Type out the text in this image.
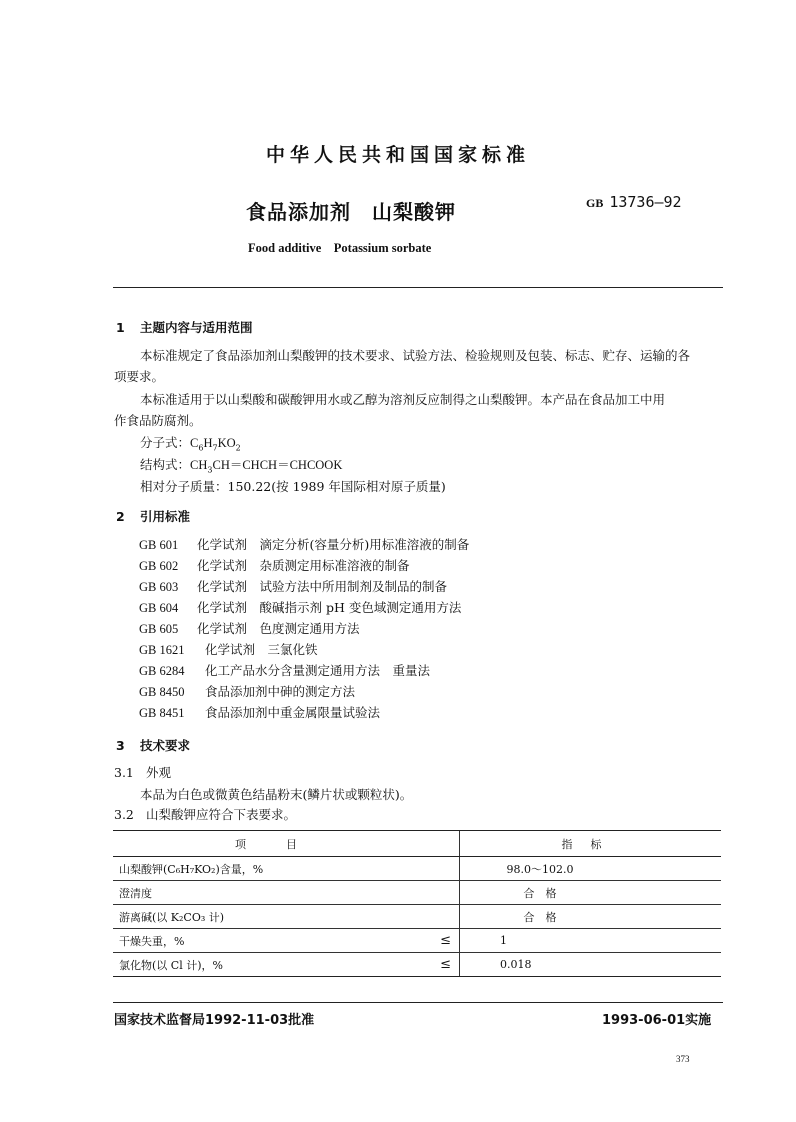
中华人民共和国国家标准
食品添加剂　山梨酸钾	GB 13736—92
Food additive　Potassium sorbate
1 主题内容与适用范围
本标准规定了食品添加剂山梨酸钾的技术要求、试验方法、检验规则及包装、标志、贮存、运输的各
项要求。
本标准适用于以山梨酸和碳酸钾用水或乙醇为溶剂反应制得之山梨酸钾。本产品在食品加工中用
作食品防腐剂。
分子式：$C_6H_7KO_2$
结构式：$CH_3CH=CHCH=CHCOOK$
相对分子质量：150.22(按 1989 年国际相对原子质量)
2 引用标准
GB 601 化学试剂　滴定分析(容量分析)用标准溶液的制备
GB 602 化学试剂　杂质测定用标准溶液的制备
GB 603 化学试剂　试验方法中所用制剂及制品的制备
GB 604 化学试剂　酸碱指示剂 pH 变色域测定通用方法
GB 605 化学试剂　色度测定通用方法
GB 1621 化学试剂　三氯化铁
GB 6284 化工产品水分含量测定通用方法　重量法
GB 8450 食品添加剂中砷的测定方法
GB 8451 食品添加剂中重金属限量试验法
3 技术要求
3.1 外观
本品为白色或微黄色结晶粉末(鳞片状或颗粒状)。
3.2 山梨酸钾应符合下表要求。
项目		指标
山梨酸钾(C₆H₇KO₂)含量，%		98.0～102.0
澄清度		合　格
游离碱(以 K₂CO₃ 计)		合　格
干燥失重，%	≤	1
氯化物(以 Cl 计)，%	≤	0.018
国家技术监督局1992-11-03批准	1993-06-01实施
373
